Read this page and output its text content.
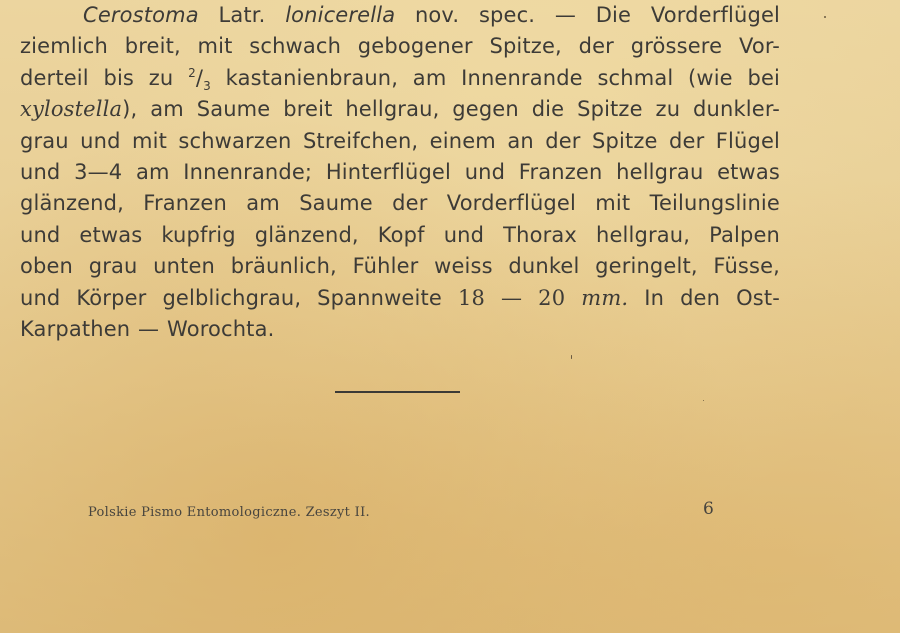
Cerostoma Latr. lonicerella nov. spec. — Die Vorderflügel
ziemlich breit, mit schwach gebogener Spitze, der grössere Vor-
derteil bis zu $^2/_3$ kastanienbraun, am Innenrande schmal (wie bei
xylostella), am Saume breit hellgrau, gegen die Spitze zu dunkler-
grau und mit schwarzen Streifchen, einem an der Spitze der Flügel
und 3—4 am Innenrande; Hinterflügel und Franzen hellgrau etwas
glänzend, Franzen am Saume der Vorderflügel mit Teilungslinie
und etwas kupfrig glänzend, Kopf und Thorax hellgrau, Palpen
oben grau unten bräunlich, Fühler weiss dunkel geringelt, Füsse,
und Körper gelblichgrau, Spannweite 18 — 20 mm. In den Ost-
Karpathen — Worochta.
Polskie Pismo Entomologiczne. Zeszyt II.	6
